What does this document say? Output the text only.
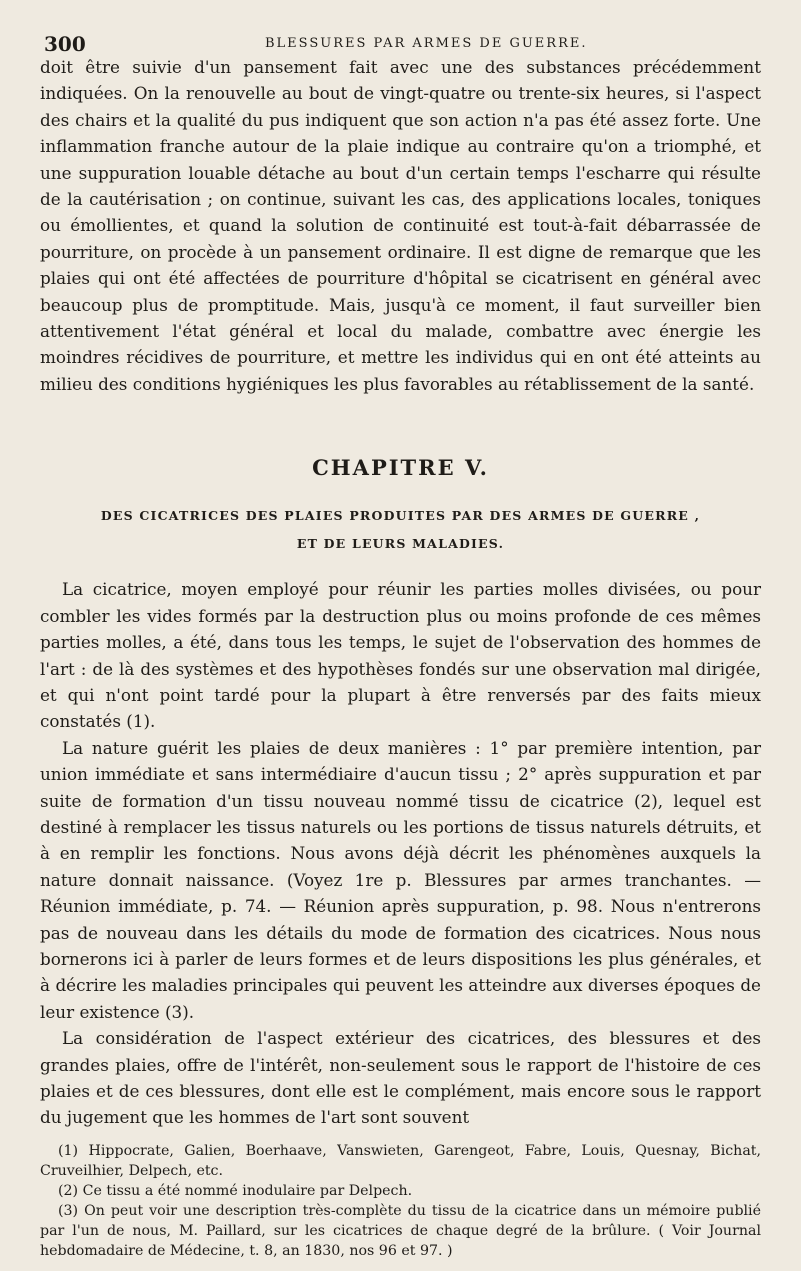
300	BLESSURES PAR ARMES DE GUERRE.

doit être suivie d'un pansement fait avec une des substances précédemment indiquées. On la renouvelle au bout de vingt-quatre ou trente-six heures, si l'aspect des chairs et la qualité du pus indiquent que son action n'a pas été assez forte. Une inflammation franche autour de la plaie indique au contraire qu'on a triomphé, et une suppuration louable détache au bout d'un certain temps l'escharre qui résulte de la cautérisation ; on continue, suivant les cas, des applications locales, toniques ou émollientes, et quand la solution de continuité est tout-à-fait débarrassée de pourriture, on procède à un pansement ordinaire. Il est digne de remarque que les plaies qui ont été affectées de pourriture d'hôpital se cicatrisent en général avec beaucoup plus de promptitude. Mais, jusqu'à ce moment, il faut surveiller bien attentivement l'état général et local du malade, combattre avec énergie les moindres récidives de pourriture, et mettre les individus qui en ont été atteints au milieu des conditions hygiéniques les plus favorables au rétablissement de la santé.

CHAPITRE V.
DES CICATRICES DES PLAIES PRODUITES PAR DES ARMES DE GUERRE ,
ET DE LEURS MALADIES.

La cicatrice, moyen employé pour réunir les parties molles divisées, ou pour combler les vides formés par la destruction plus ou moins profonde de ces mêmes parties molles, a été, dans tous les temps, le sujet de l'observation des hommes de l'art : de là des systèmes et des hypothèses fondés sur une observation mal dirigée, et qui n'ont point tardé pour la plupart à être renversés par des faits mieux constatés (1).

La nature guérit les plaies de deux manières : 1° par première intention, par union immédiate et sans intermédiaire d'aucun tissu ; 2° après suppuration et par suite de formation d'un tissu nouveau nommé tissu de cicatrice (2), lequel est destiné à remplacer les tissus naturels ou les portions de tissus naturels détruits, et à en remplir les fonctions. Nous avons déjà décrit les phénomènes auxquels la nature donnait naissance. (Voyez 1re p. Blessures par armes tranchantes. — Réunion immédiate, p. 74. — Réunion après suppuration, p. 98. Nous n'entrerons pas de nouveau dans les détails du mode de formation des cicatrices. Nous nous bornerons ici à parler de leurs formes et de leurs dispositions les plus générales, et à décrire les maladies principales qui peuvent les atteindre aux diverses époques de leur existence (3).

La considération de l'aspect extérieur des cicatrices, des blessures et des grandes plaies, offre de l'intérêt, non-seulement sous le rapport de l'histoire de ces plaies et de ces blessures, dont elle est le complément, mais encore sous le rapport du jugement que les hommes de l'art sont souvent

(1) Hippocrate, Galien, Boerhaave, Vanswieten, Garengeot, Fabre, Louis, Quesnay, Bichat, Cruveilhier, Delpech, etc.

(2) Ce tissu a été nommé inodulaire par Delpech.

(3) On peut voir une description très-complète du tissu de la cicatrice dans un mémoire publié par l'un de nous, M. Paillard, sur les cicatrices de chaque degré de la brûlure. ( Voir Journal hebdomadaire de Médecine, t. 8, an 1830, nos 96 et 97. )
